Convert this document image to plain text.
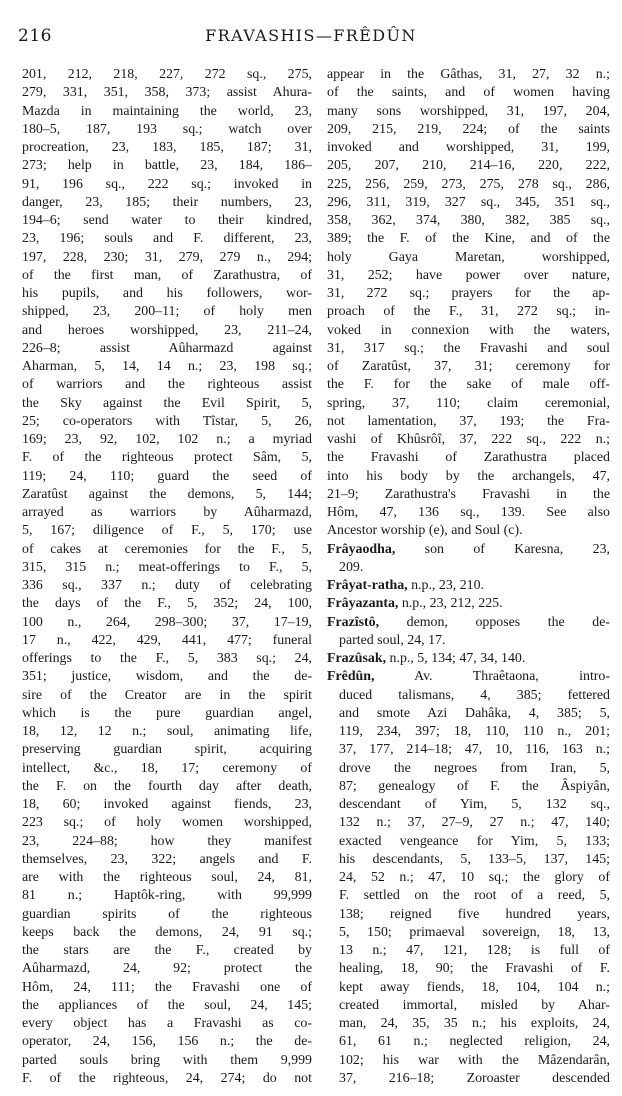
216	FRAVASHIS—FRÊDÛN
201, 212, 218, 227, 272 sq., 275,
279, 331, 351, 358, 373; assist Ahura-
Mazda in maintaining the world, 23,
180–5, 187, 193 sq.; watch over
procreation, 23, 183, 185, 187; 31,
273; help in battle, 23, 184, 186–
91, 196 sq., 222 sq.; invoked in
danger, 23, 185; their numbers, 23,
194–6; send water to their kindred,
23, 196; souls and F. different, 23,
197, 228, 230; 31, 279, 279 n., 294;
of the first man, of Zarathustra, of
his pupils, and his followers, wor-
shipped, 23, 200–11; of holy men
and heroes worshipped, 23, 211–24,
226–8; assist Aûharmazd against
Aharman, 5, 14, 14 n.; 23, 198 sq.;
of warriors and the righteous assist
the Sky against the Evil Spirit, 5,
25; co-operators with Tîstar, 5, 26,
169; 23, 92, 102, 102 n.; a myriad
F. of the righteous protect Sâm, 5,
119; 24, 110; guard the seed of
Zaratûst against the demons, 5, 144;
arrayed as warriors by Aûharmazd,
5, 167; diligence of F., 5, 170; use
of cakes at ceremonies for the F., 5,
315, 315 n.; meat-offerings to F., 5,
336 sq., 337 n.; duty of celebrating
the days of the F., 5, 352; 24, 100,
100 n., 264, 298–300; 37, 17–19,
17 n., 422, 429, 441, 477; funeral
offerings to the F., 5, 383 sq.; 24,
351; justice, wisdom, and the de-
sire of the Creator are in the spirit
which is the pure guardian angel,
18, 12, 12 n.; soul, animating life,
preserving guardian spirit, acquiring
intellect, &c., 18, 17; ceremony of
the F. on the fourth day after death,
18, 60; invoked against fiends, 23,
223 sq.; of holy women worshipped,
23, 224–88; how they manifest
themselves, 23, 322; angels and F.
are with the righteous soul, 24, 81,
81 n.; Haptôk-ring, with 99,999
guardian spirits of the righteous
keeps back the demons, 24, 91 sq.;
the stars are the F., created by
Aûharmazd, 24, 92; protect the
Hôm, 24, 111; the Fravashi one of
the appliances of the soul, 24, 145;
every object has a Fravashi as co-
operator, 24, 156, 156 n.; the de-
parted souls bring with them 9,999
F. of the righteous, 24, 274; do not
appear in the Gâthas, 31, 27, 32 n.;
of the saints, and of women having
many sons worshipped, 31, 197, 204,
209, 215, 219, 224; of the saints
invoked and worshipped, 31, 199,
205, 207, 210, 214–16, 220, 222,
225, 256, 259, 273, 275, 278 sq., 286,
296, 311, 319, 327 sq., 345, 351 sq.,
358, 362, 374, 380, 382, 385 sq.,
389; the F. of the Kine, and of the
holy Gaya Maretan, worshipped,
31, 252; have power over nature,
31, 272 sq.; prayers for the ap-
proach of the F., 31, 272 sq.; in-
voked in connexion with the waters,
31, 317 sq.; the Fravashi and soul
of Zaratûst, 37, 31; ceremony for
the F. for the sake of male off-
spring, 37, 110; claim ceremonial,
not lamentation, 37, 193; the Fra-
vashi of Khûsrôî, 37, 222 sq., 222 n.;
the Fravashi of Zarathustra placed
into his body by the archangels, 47,
21–9; Zarathustra's Fravashi in the
Hôm, 47, 136 sq., 139. See also
Ancestor worship (e), and Soul (c).
Frâyaodha, son of Karesna, 23,
209.
Frâyat-ratha, n.p., 23, 210.
Frâyazanta, n.p., 23, 212, 225.
Frazîstô, demon, opposes the de-
parted soul, 24, 17.
Frazûsak, n.p., 5, 134; 47, 34, 140.
Frêdûn, Av. Thraêtaona, intro-
duced talismans, 4, 385; fettered
and smote Azi Dahâka, 4, 385; 5,
119, 234, 397; 18, 110, 110 n., 201;
37, 177, 214–18; 47, 10, 116, 163 n.;
drove the negroes from Iran, 5,
87; genealogy of F. the Âspiyân,
descendant of Yim, 5, 132 sq.,
132 n.; 37, 27–9, 27 n.; 47, 140;
exacted vengeance for Yim, 5, 133;
his descendants, 5, 133–5, 137, 145;
24, 52 n.; 47, 10 sq.; the glory of
F. settled on the root of a reed, 5,
138; reigned five hundred years,
5, 150; primaeval sovereign, 18, 13,
13 n.; 47, 121, 128; is full of
healing, 18, 90; the Fravashi of F.
kept away fiends, 18, 104, 104 n.;
created immortal, misled by Ahar-
man, 24, 35, 35 n.; his exploits, 24,
61, 61 n.; neglected religion, 24,
102; his war with the Mâzendarân,
37, 216–18; Zoroaster descended
